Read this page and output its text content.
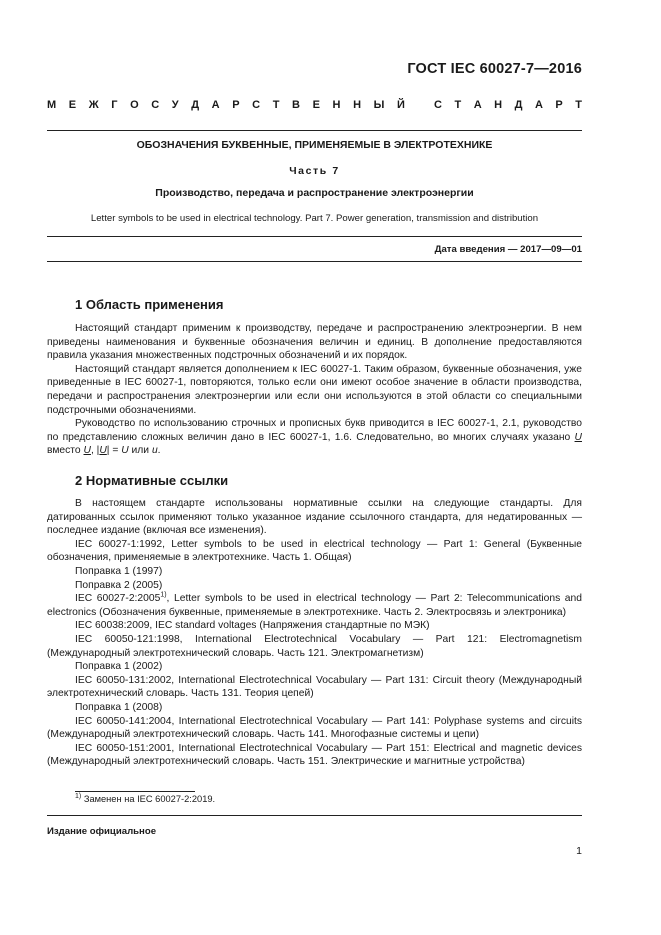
ГОСТ IEC 60027-7—2016
М Е Ж Г О С У Д А Р С Т В Е Н Н Ы Й	С Т А Н Д А Р Т
ОБОЗНАЧЕНИЯ БУКВЕННЫЕ, ПРИМЕНЯЕМЫЕ В ЭЛЕКТРОТЕХНИКЕ
Часть 7
Производство, передача и распространение электроэнергии
Letter symbols to be used in electrical technology. Part 7. Power generation, transmission and distribution
Дата введения — 2017—09—01
1 Область применения

Настоящий стандарт применим к производству, передаче и распространению электроэнергии. В нем приведены наименования и буквенные обозначения величин и единиц. В дополнение предоставляются правила указания множественных подстрочных обозначений и их порядок.

Настоящий стандарт является дополнением к IEC 60027-1. Таким образом, буквенные обозначения, уже приведенные в IEC 60027-1, повторяются, только если они имеют особое значение в области производства, передачи и распространения электроэнергии или если они используются в этой области со специальными подстрочными обозначениями.

Руководство по использованию строчных и прописных букв приводится в IEC 60027-1, 2.1, руководство по представлению сложных величин дано в IEC 60027-1, 1.6. Следовательно, во многих случаях указано U вместо U, |U| = U или u.

2 Нормативные ссылки

В настоящем стандарте использованы нормативные ссылки на следующие стандарты. Для датированных ссылок применяют только указанное издание ссылочного стандарта, для недатированных — последнее издание (включая все изменения).

IEC 60027-1:1992, Letter symbols to be used in electrical technology — Part 1: General (Буквенные обозначения, применяемые в электротехнике. Часть 1. Общая)

Поправка 1 (1997)

Поправка 2 (2005)

IEC 60027-2:2005$^{1)}$, Letter symbols to be used in electrical technology — Part 2: Telecommunications and electronics (Обозначения буквенные, применяемые в электротехнике. Часть 2. Электросвязь и электроника)

IEC 60038:2009, IEC standard voltages (Напряжения стандартные по МЭК)

IEC 60050-121:1998, International Electrotechnical Vocabulary — Part 121: Electromagnetism (Международный электротехнический словарь. Часть 121. Электромагнетизм)

Поправка 1 (2002)

IEC 60050-131:2002, International Electrotechnical Vocabulary — Part 131: Circuit theory (Международный электротехнический словарь. Часть 131. Теория цепей)

Поправка 1 (2008)

IEC 60050-141:2004, International Electrotechnical Vocabulary — Part 141: Polyphase systems and circuits (Международный электротехнический словарь. Часть 141. Многофазные системы и цепи)

IEC 60050-151:2001, International Electrotechnical Vocabulary — Part 151: Electrical and magnetic devices (Международный электротехнический словарь. Часть 151. Электрические и магнитные устройства)

$^{1)}$ Заменен на IEC 60027-2:2019.
Издание официальное
1
